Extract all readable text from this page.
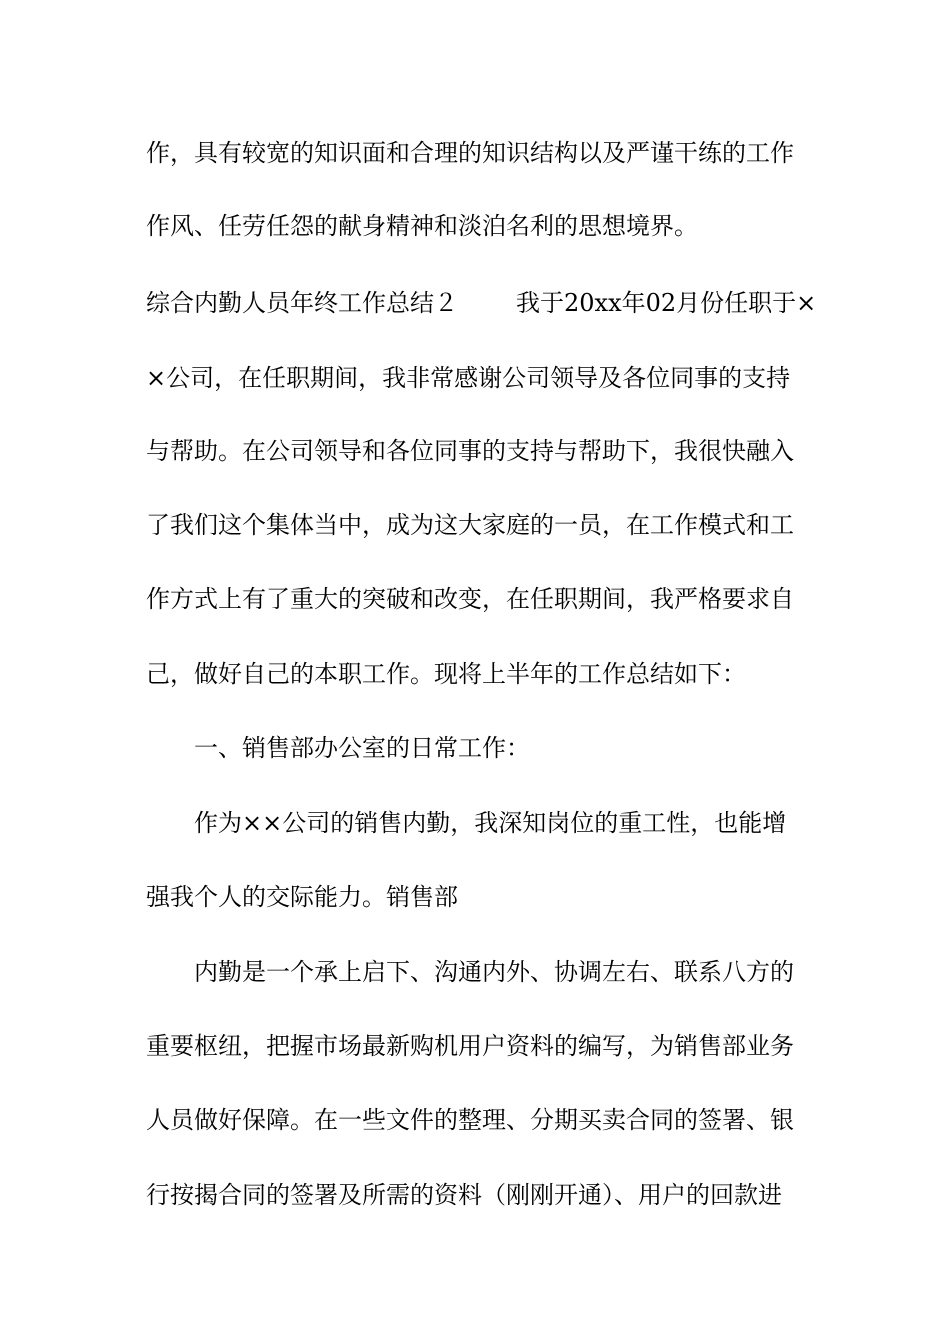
作，具有较宽的知识面和合理的知识结构以及严谨干练的工作
作风、任劳任怨的献身精神和淡泊名利的思想境界。
综合内勤人员年终工作总结２ 我于20xx年02月份任职于×
×公司，在任职期间，我非常感谢公司领导及各位同事的支持
与帮助。在公司领导和各位同事的支持与帮助下，我很快融入
了我们这个集体当中，成为这大家庭的一员，在工作模式和工
作方式上有了重大的突破和改变，在任职期间，我严格要求自
己，做好自己的本职工作。现将上半年的工作总结如下：
一、销售部办公室的日常工作：
作为××公司的销售内勤，我深知岗位的重工性，也能增
强我个人的交际能力。销售部
内勤是一个承上启下、沟通内外、协调左右、联系八方的
重要枢纽，把握市场最新购机用户资料的编写，为销售部业务
人员做好保障。在一些文件的整理、分期买卖合同的签署、银
行按揭合同的签署及所需的资料（刚刚开通）、用户的回款进
